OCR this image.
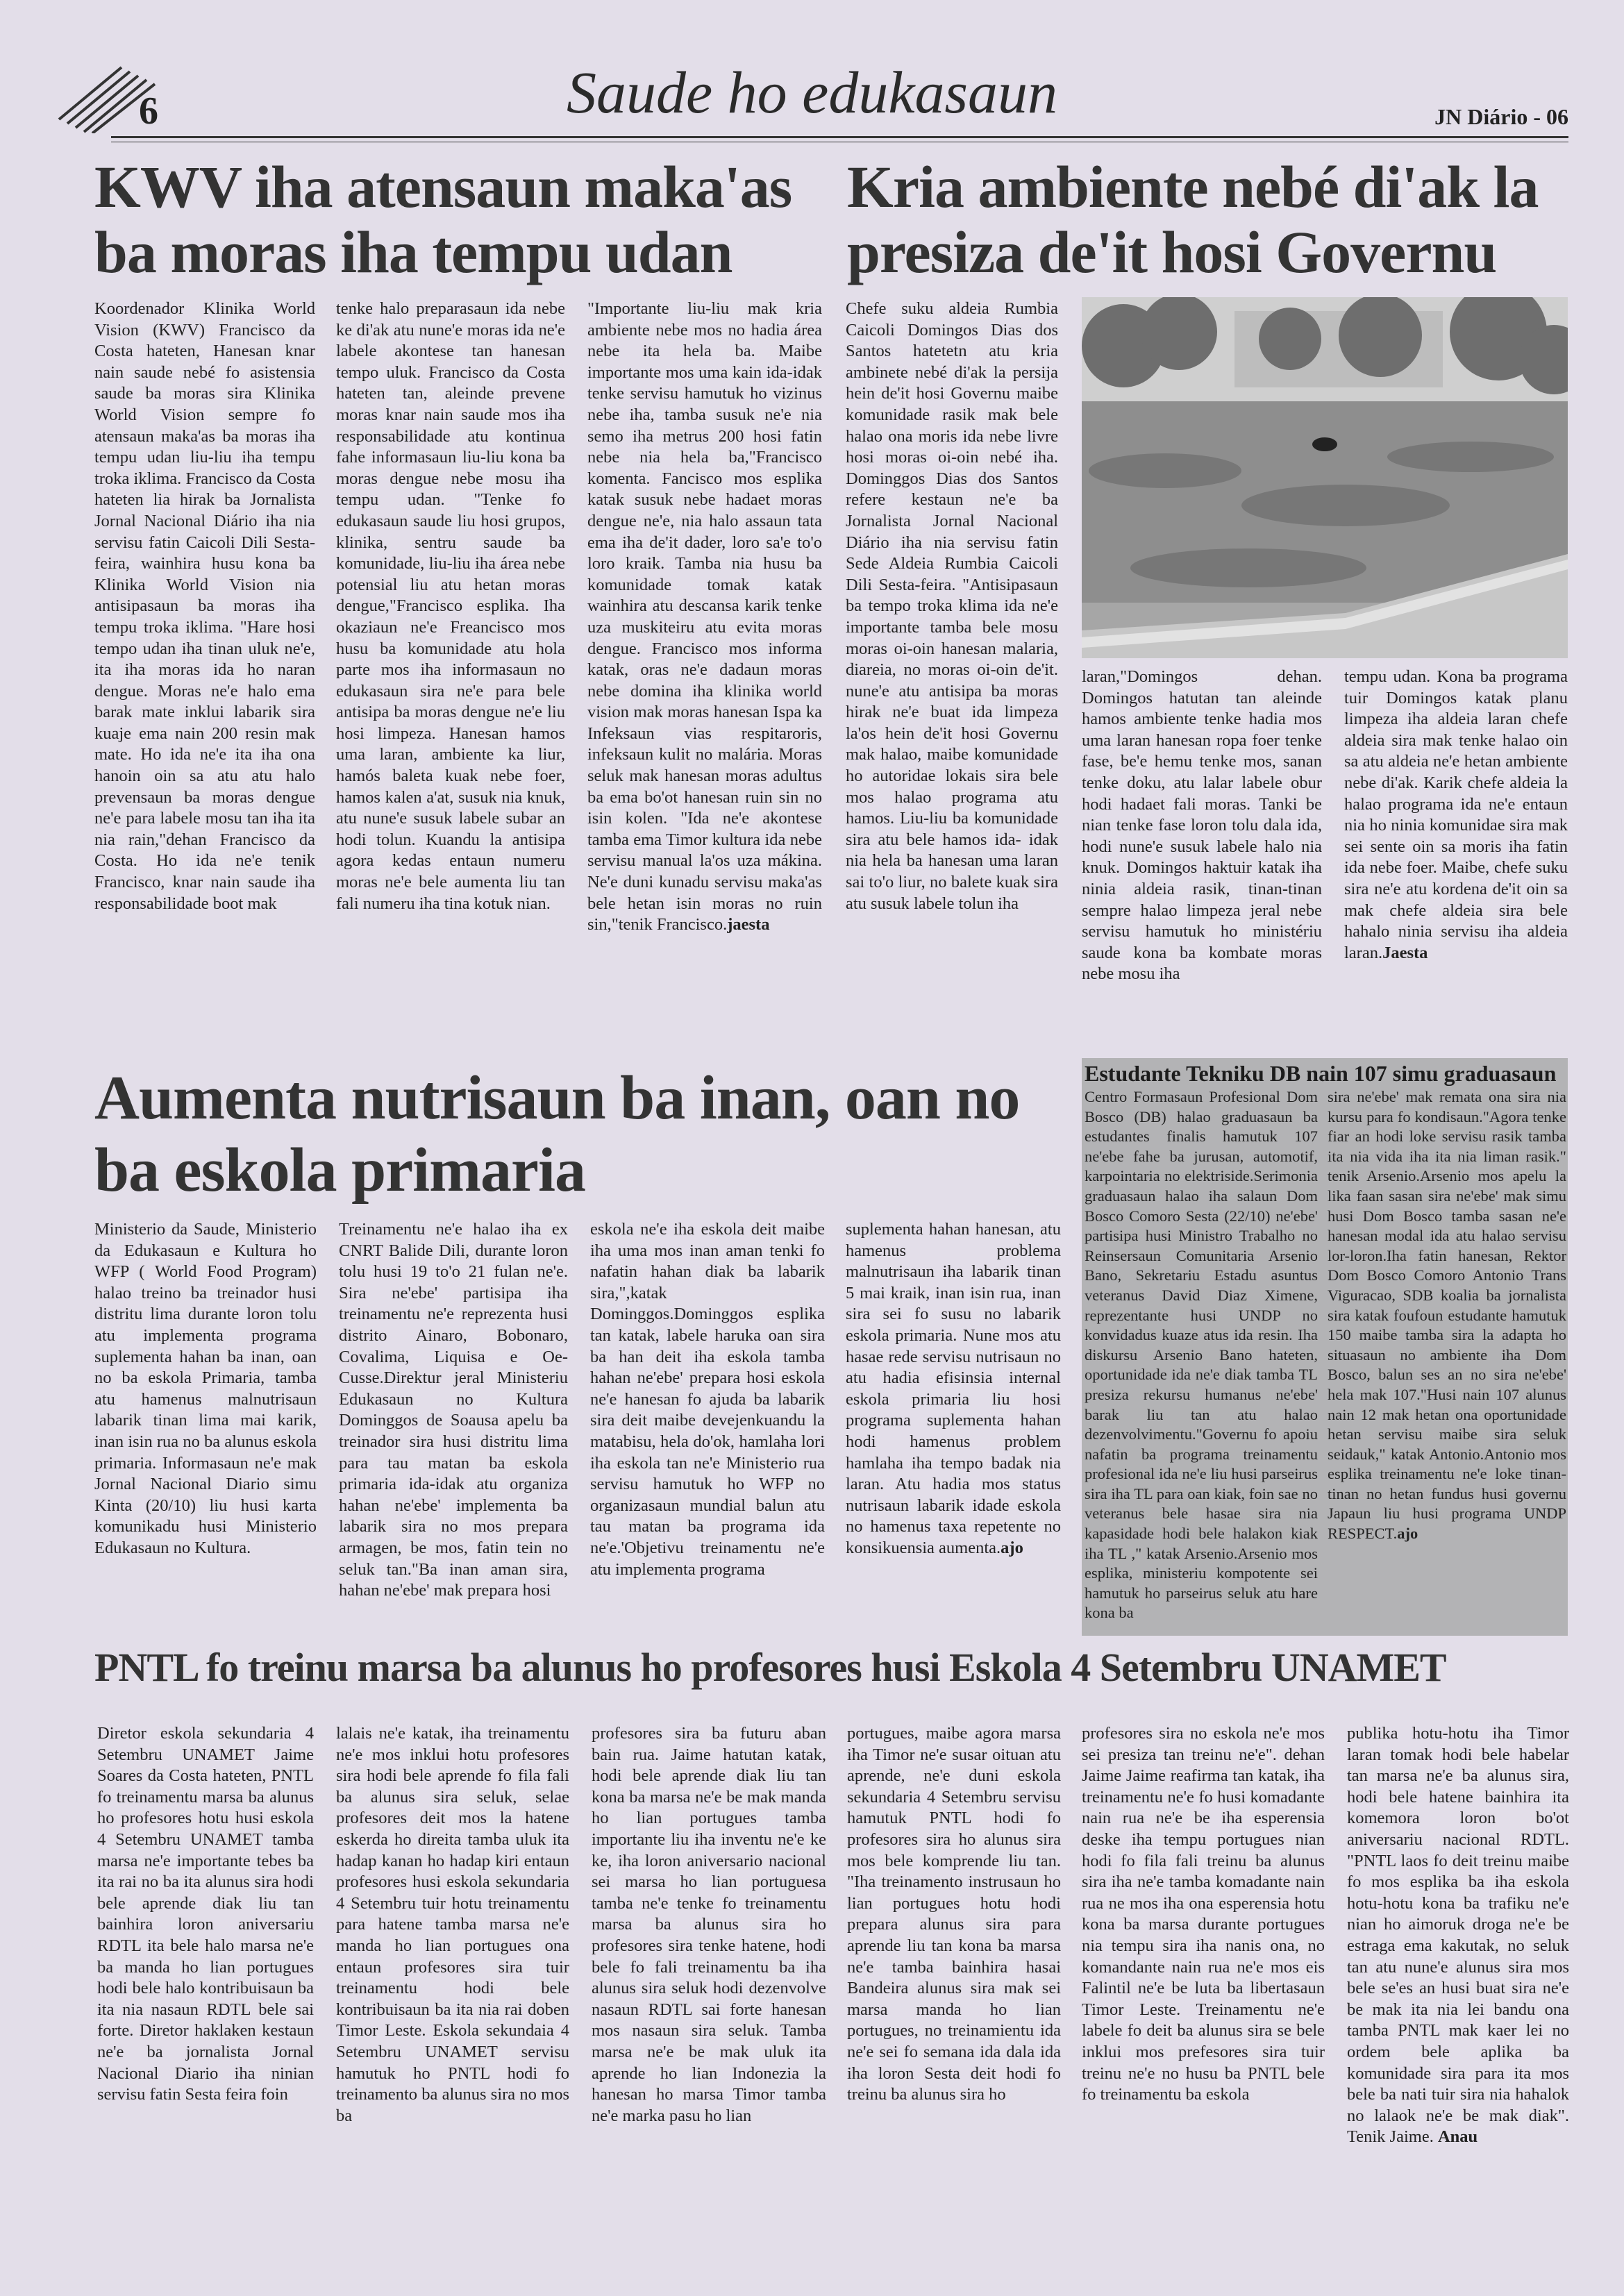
6	Saude ho edukasaun	JN Diário - 06
KWV iha atensaun maka'as ba moras iha tempu udan
Koordenador Klinika World Vision (KWV) Francisco da Costa hateten, Hanesan knar nain saude nebé fo asistensia saude ba moras sira Klinika World Vision sempre fo atensaun maka'as ba moras iha tempu udan liu-liu iha tempu troka iklima. Francisco da Costa hateten lia hirak ba Jornalista Jornal Nacional Diário iha nia servisu fatin Caicoli Dili Sesta-feira, wainhira husu kona ba Klinika World Vision nia antisipasaun ba moras iha tempu troka iklima. "Hare hosi tempo udan iha tinan uluk ne'e, ita iha moras ida ho naran dengue. Moras ne'e halo ema barak mate inklui labarik sira kuaje ema nain 200 resin mak mate. Ho ida ne'e ita iha ona hanoin oin sa atu atu halo prevensaun ba moras dengue ne'e para labele mosu tan iha ita nia rain,"dehan Francisco da Costa. Ho ida ne'e tenik Francisco, knar nain saude iha responsabilidade boot mak
tenke halo preparasaun ida nebe ke di'ak atu nune'e moras ida ne'e labele akontese tan hanesan tempo uluk. Francisco da Costa hateten tan, aleinde prevene moras knar nain saude mos iha responsabilidade atu kontinua fahe informasaun liu-liu kona ba moras dengue nebe mosu iha tempu udan. "Tenke fo edukasaun saude liu hosi grupos, klinika, sentru saude ba komunidade, liu-liu iha área nebe potensial liu atu hetan moras dengue,"Francisco esplika. Iha okaziaun ne'e Freancisco mos husu ba komunidade atu hola parte mos iha informasaun no edukasaun sira ne'e para bele antisipa ba moras dengue ne'e liu hosi limpeza. Hanesan hamos uma laran, ambiente ka liur, hamós baleta kuak nebe foer, hamos kalen a'at, susuk nia knuk, atu nune'e susuk labele subar an hodi tolun. Kuandu la antisipa agora kedas entaun numeru moras ne'e bele aumenta liu tan fali numeru iha tina kotuk nian.
"Importante liu-liu mak kria ambiente nebe mos no hadia área nebe ita hela ba. Maibe importante mos uma kain ida-idak tenke servisu hamutuk ho vizinus nebe iha, tamba susuk ne'e nia semo iha metrus 200 hosi fatin nebe nia hela ba,"Francisco komenta. Fancisco mos esplika katak susuk nebe hadaet moras dengue ne'e, nia halo assaun tata ema iha de'it dader, loro sa'e to'o loro kraik. Tamba nia husu ba komunidade tomak katak wainhira atu descansa karik tenke uza muskiteiru atu evita moras dengue. Francisco mos informa katak, oras ne'e dadaun moras nebe domina iha klinika world vision mak moras hanesan Ispa ka Infeksaun vias respitaroris, infeksaun kulit no malária. Moras seluk mak hanesan moras adultus ba ema bo'ot hanesan ruin sin no isin kolen. "Ida ne'e akontese tamba ema Timor kultura ida nebe servisu manual la'os uza mákina. Ne'e duni kunadu servisu maka'as bele hetan isin moras no ruin sin,"tenik Francisco.jaesta
Kria ambiente nebé di'ak la presiza de'it hosi Governu
Chefe suku aldeia Rumbia Caicoli Domingos Dias dos Santos hatetetn atu kria ambinete nebé di'ak la persija hein de'it hosi Governu maibe komunidade rasik mak bele halao ona moris ida nebe livre hosi moras oi-oin nebé iha. Dominggos Dias dos Santos refere kestaun ne'e ba Jornalista Jornal Nacional Diário iha nia servisu fatin Sede Aldeia Rumbia Caicoli Dili Sesta-feira. "Antisipasaun ba tempo troka klima ida ne'e importante tamba bele mosu moras oi-oin hanesan malaria, diareia, no moras oi-oin de'it. nune'e atu antisipa ba moras hirak ne'e buat ida limpeza la'os hein de'it hosi Governu mak halao, maibe komunidade ho autoridae lokais sira bele mos halao programa atu hamos. Liu-liu ba komunidade sira atu bele hamos ida- idak nia hela ba hanesan uma laran sai to'o liur, no balete kuak sira atu susuk labele tolun iha
laran,"Domingos dehan. Domingos hatutan tan aleinde hamos ambiente tenke hadia mos uma laran hanesan ropa foer tenke fase, be'e hemu tenke mos, sanan tenke doku, atu lalar labele obur hodi hadaet fali moras. Tanki be nian tenke fase loron tolu dala ida, hodi nune'e susuk labele halo nia knuk. Domingos haktuir katak iha ninia aldeia rasik, tinan-tinan sempre halao limpeza jeral nebe servisu hamutuk ho ministériu saude kona ba kombate moras nebe mosu iha
tempu udan. Kona ba programa tuir Domingos katak planu limpeza iha aldeia laran chefe aldeia sira mak tenke halao oin sa atu aldeia ne'e hetan ambiente nebe di'ak. Karik chefe aldeia la halao programa ida ne'e entaun nia ho ninia komunidae sira mak sei sente oin sa moris iha fatin ida nebe foer. Maibe, chefe suku sira ne'e atu kordena de'it oin sa mak chefe aldeia sira bele hahalo ninia servisu iha aldeia laran.Jaesta
Aumenta nutrisaun ba inan, oan no ba eskola primaria
Ministerio da Saude, Ministerio da Edukasaun e Kultura ho WFP ( World Food Program) halao treino ba treinador husi distritu lima durante loron tolu atu implementa programa suplementa hahan ba inan, oan no ba eskola Primaria, tamba atu hamenus malnutrisaun labarik tinan lima mai karik, inan isin rua no ba alunus eskola primaria. Informasaun ne'e mak Jornal Nacional Diario simu Kinta (20/10) liu husi karta komunikadu husi Ministerio Edukasaun no Kultura.
Treinamentu ne'e halao iha ex CNRT Balide Dili, durante loron tolu husi 19 to'o 21 fulan ne'e. Sira ne'ebe' partisipa iha treinamentu ne'e reprezenta husi distrito Ainaro, Bobonaro, Covalima, Liquisa e Oe-Cusse.Direktur jeral Ministeriu Edukasaun no Kultura Dominggos de Soausa apelu ba treinador sira husi distritu lima para tau matan ba eskola primaria ida-idak atu organiza hahan ne'ebe' implementa ba labarik sira no mos prepara armagen, be mos, fatin tein no seluk tan."Ba inan aman sira, hahan ne'ebe' mak prepara hosi
eskola ne'e iha eskola deit maibe iha uma mos inan aman tenki fo nafatin hahan diak ba labarik sira,",katak Dominggos.Dominggos esplika tan katak, labele haruka oan sira ba han deit iha eskola tamba hahan ne'ebe' prepara hosi eskola ne'e hanesan fo ajuda ba labarik sira deit maibe devejenkuandu la matabisu, hela do'ok, hamlaha lori iha eskola tan ne'e Ministerio rua servisu hamutuk ho WFP no organizasaun mundial balun atu tau matan ba programa ida ne'e.'Objetivu treinamentu ne'e atu implementa programa
suplementa hahan hanesan, atu hamenus problema malnutrisaun iha labarik tinan 5 mai kraik, inan isin rua, inan sira sei fo susu no labarik eskola primaria. Nune mos atu hasae rede servisu nutrisaun no atu hadia efisinsia internal eskola primaria liu hosi programa suplementa hahan hodi hamenus problem hamlaha iha tempo badak nia laran. Atu hadia mos status nutrisaun labarik idade eskola no hamenus taxa repetente no konsikuensia aumenta.ajo
Estudante Tekniku DB nain 107 simu graduasaun
Centro Formasaun Profesional Dom Bosco (DB) halao graduasaun ba estudantes finalis hamutuk 107 ne'ebe fahe ba jurusan, automotif, karpointaria no elektriside.Serimonia graduasaun halao iha salaun Dom Bosco Comoro Sesta (22/10) ne'ebe' partisipa husi Ministro Trabalho no Reinsersaun Comunitaria Arsenio Bano, Sekretariu Estadu asuntus veteranus David Diaz Ximene, reprezentante husi UNDP no konvidadus kuaze atus ida resin. Iha diskursu Arsenio Bano hateten, oportunidade ida ne'e diak tamba TL presiza rekursu humanus ne'ebe' barak liu tan atu halao dezenvolvimentu."Governu fo apoiu nafatin ba programa treinamentu profesional ida ne'e liu husi parseirus sira iha TL para oan kiak, foin sae no veteranus bele hasae sira nia kapasidade hodi bele halakon kiak iha TL ," katak Arsenio.Arsenio mos esplika, ministeriu kompotente sei hamutuk ho parseirus seluk atu hare kona ba
sira ne'ebe' mak remata ona sira nia kursu para fo kondisaun."Agora tenke fiar an hodi loke servisu rasik tamba ita nia vida iha ita nia liman rasik." tenik Arsenio.Arsenio mos apelu la lika faan sasan sira ne'ebe' mak simu husi Dom Bosco tamba sasan ne'e hanesan modal ida atu halao servisu lor-loron.Iha fatin hanesan, Rektor Dom Bosco Comoro Antonio Trans Viguracao, SDB koalia ba jornalista sira katak foufoun estudante hamutuk 150 maibe tamba sira la adapta ho situasaun no ambiente iha Dom Bosco, balun ses an no sira ne'ebe' hela mak 107."Husi nain 107 alunus nain 12 mak hetan ona oportunidade hetan servisu maibe sira seluk seidauk," katak Antonio.Antonio mos esplika treinamentu ne'e loke tinan-tinan no hetan fundus husi governu Japaun liu husi programa UNDP RESPECT.ajo
PNTL fo treinu marsa ba alunus ho profesores husi Eskola 4 Setembru UNAMET
Diretor eskola sekundaria 4 Setembru UNAMET Jaime Soares da Costa hateten, PNTL fo treinamentu marsa ba alunus ho profesores hotu husi eskola 4 Setembru UNAMET tamba marsa ne'e importante tebes ba ita rai no ba ita alunus sira hodi bele aprende diak liu tan bainhira loron aniversariu RDTL ita bele halo marsa ne'e ba manda ho lian portugues hodi bele halo kontribuisaun ba ita nia nasaun RDTL bele sai forte. Diretor haklaken kestaun ne'e ba jornalista Jornal Nacional Diario iha ninian servisu fatin Sesta feira foin
lalais ne'e katak, iha treinamentu ne'e mos inklui hotu profesores sira hodi bele aprende fo fila fali ba alunus sira seluk, selae profesores deit mos la hatene eskerda ho direita tamba uluk ita hadap kanan ho hadap kiri entaun profesores husi eskola sekundaria 4 Setembru tuir hotu treinamentu para hatene tamba marsa ne'e manda ho lian portugues ona entaun profesores sira tuir treinamentu hodi bele kontribuisaun ba ita nia rai doben Timor Leste. Eskola sekundaia 4 Setembru UNAMET servisu hamutuk ho PNTL hodi fo treinamento ba alunus sira no mos ba
profesores sira ba futuru aban bain rua. Jaime hatutan katak, hodi bele aprende diak liu tan kona ba marsa ne'e be mak manda ho lian portugues tamba importante liu iha inventu ne'e ke ke, iha loron aniversario nacional sei marsa ho lian portuguesa tamba ne'e tenke fo treinamentu marsa ba alunus sira ho profesores sira tenke hatene, hodi bele fo fali treinamentu ba iha alunus sira seluk hodi dezenvolve nasaun RDTL sai forte hanesan mos nasaun sira seluk. Tamba marsa ne'e be mak uluk ita aprende ho lian Indonezia la hanesan ho marsa Timor tamba ne'e marka pasu ho lian
portugues, maibe agora marsa iha Timor ne'e susar oituan atu aprende, ne'e duni eskola sekundaria 4 Setembru servisu hamutuk PNTL hodi fo profesores sira ho alunus sira mos bele komprende liu tan. "Iha treinamento instrusaun ho lian portugues hotu hodi prepara alunus sira para aprende liu tan kona ba marsa ne'e tamba bainhira hasai Bandeira alunus sira mak sei marsa manda ho lian portugues, no treinamientu ida ne'e sei fo semana ida dala ida iha loron Sesta deit hodi fo treinu ba alunus sira ho
profesores sira no eskola ne'e mos sei presiza tan treinu ne'e". dehan Jaime Jaime reafirma tan katak, iha treinamentu ne'e fo husi komadante nain rua ne'e be iha esperensia deske iha tempu portugues nian hodi fo fila fali treinu ba alunus sira iha ne'e tamba komadante nain rua ne mos iha ona esperensia hotu kona ba marsa durante portugues nia tempu sira iha nanis ona, no komandante nain rua ne'e mos eis Falintil ne'e be luta ba libertasaun Timor Leste. Treinamentu ne'e labele fo deit ba alunus sira se bele inklui mos prefesores sira tuir treinu ne'e no husu ba PNTL bele fo treinamentu ba eskola
publika hotu-hotu iha Timor laran tomak hodi bele habelar tan marsa ne'e ba alunus sira, hodi bele hatene bainhira ita komemora loron bo'ot aniversariu nacional RDTL. "PNTL laos fo deit treinu maibe fo mos esplika ba iha eskola hotu-hotu kona ba trafiku ne'e nian ho aimoruk droga ne'e be estraga ema kakutak, no seluk tan atu nune'e alunus sira mos bele se'es an husi buat sira ne'e be mak ita nia lei bandu ona tamba PNTL mak kaer lei no ordem bele aplika ba komunidade sira para ita mos bele ba nati tuir sira nia hahalok no lalaok ne'e be mak diak". Tenik Jaime. Anau
